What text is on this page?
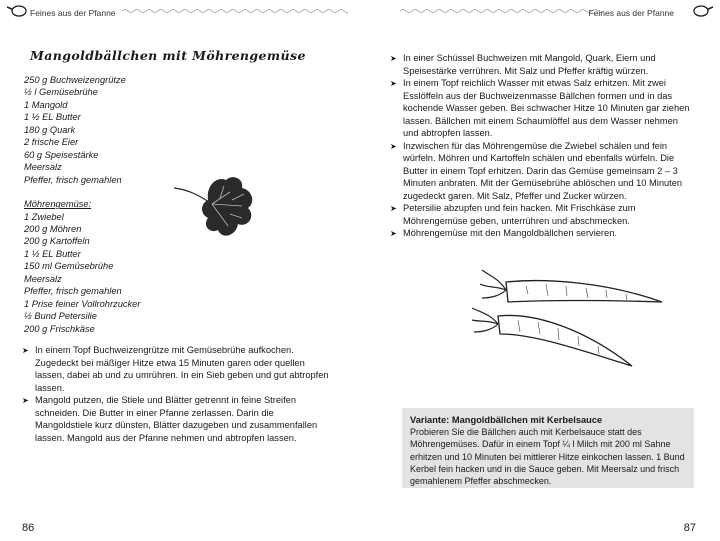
Feines aus der Pfanne	Feines aus der Pfanne
Mangoldbällchen mit Möhrengemüse
250 g Buchweizengrütze
½ l Gemüsebrühe
1 Mangold
1 ½ EL Butter
180 g Quark
2 frische Eier
60 g Speisestärke
Meersalz
Pfeffer, frisch gemahlen
Möhrengemüse:
1 Zwiebel
200 g Möhren
200 g Kartoffeln
1 ½ EL Butter
150 ml Gemüsebrühe
Meersalz
Pfeffer, frisch gemahlen
1 Prise feiner Vollrohrzucker
½ Bund Petersilie
200 g Frischkäse
➤ In einem Topf Buchweizengrütze mit Gemüsebrühe aufkochen. Zugedeckt bei mäßiger Hitze etwa 15 Minuten garen oder quellen lassen, dabei ab und zu umrühren. In ein Sieb geben und gut abtropfen lassen.
➤ Mangold putzen, die Stiele und Blätter getrennt in feine Streifen schneiden. Die Butter in einer Pfanne zerlassen. Darin die Mangoldstiele kurz dünsten, Blätter dazugeben und zusammenfallen lassen. Mangold aus der Pfanne nehmen und abtropfen lassen.
➤ In einer Schüssel Buchweizen mit Mangold, Quark, Eiern und Speisestärke verrühren. Mit Salz und Pfeffer kräftig würzen.
➤ In einem Topf reichlich Wasser mit etwas Salz erhitzen. Mit zwei Esslöffeln aus der Buchweizenmasse Bällchen formen und in das kochende Wasser geben. Bei schwacher Hitze 10 Minuten gar ziehen lassen. Bällchen mit einem Schaumlöffel aus dem Wasser nehmen und abtropfen lassen.
➤ Inzwischen für das Möhrengemüse die Zwiebel schälen und fein würfeln. Möhren und Kartoffeln schälen und ebenfalls würfeln. Die Butter in einem Topf erhitzen. Darin das Gemüse gemeinsam 2 – 3 Minuten anbraten. Mit der Gemüsebrühe ablöschen und 10 Minuten zugedeckt garen. Mit Salz, Pfeffer und Zucker würzen.
➤ Petersilie abzupfen und fein hacken. Mit Frischkäse zum Möhrengemüse geben, unterrühren und abschmecken.
➤ Möhrengemüse mit den Mangoldbällchen servieren.
Variante: Mangoldbällchen mit Kerbelsauce
Probieren Sie die Bällchen auch mit Kerbelsauce statt des Möhrengemüses. Dafür in einem Topf ¼ l Milch mit 200 ml Sahne erhitzen und 10 Minuten bei mittlerer Hitze einkochen lassen. 1 Bund Kerbel fein hacken und in die Sauce geben. Mit Meersalz und frisch gemahlenem Pfeffer abschmecken.
86	87
